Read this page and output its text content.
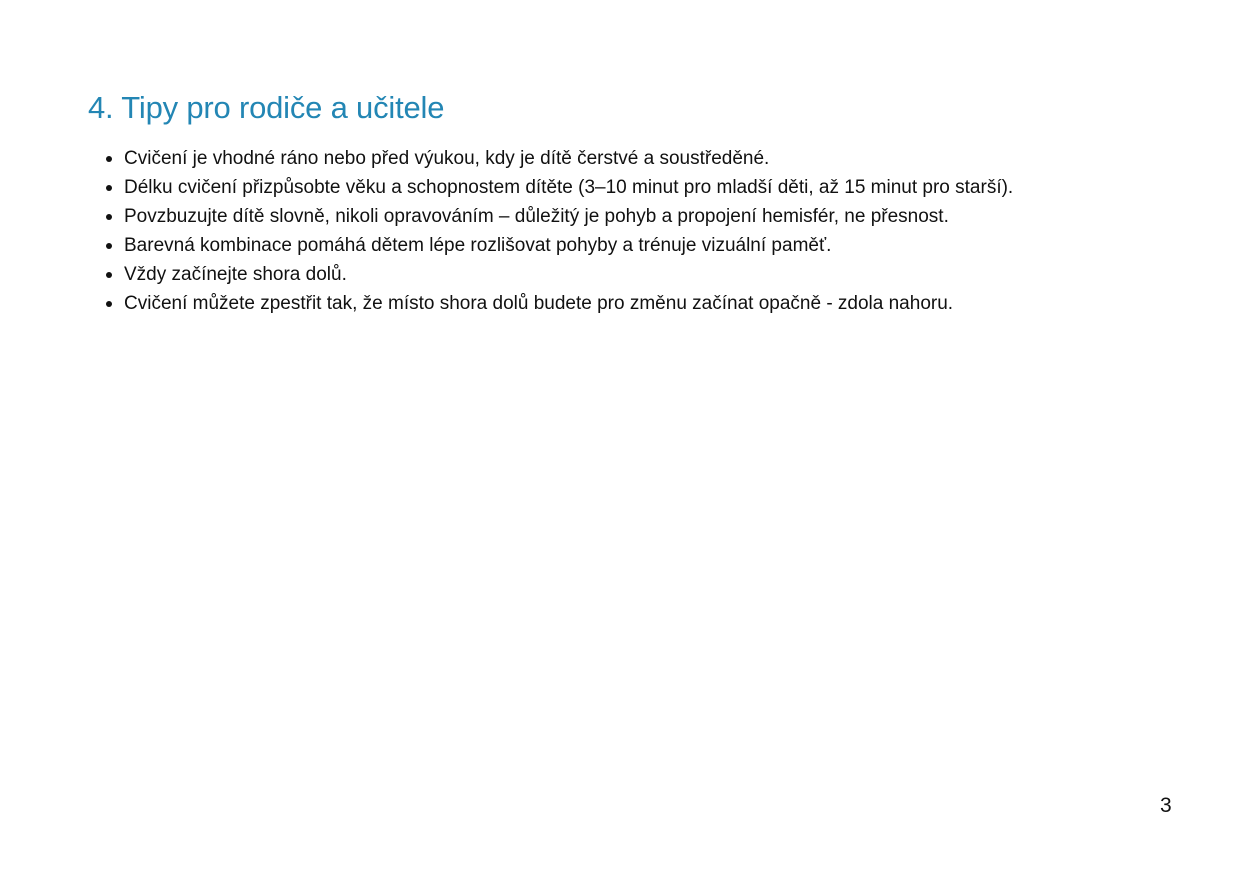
4. Tipy pro rodiče a učitele
Cvičení je vhodné ráno nebo před výukou, kdy je dítě čerstvé a soustředěné.
Délku cvičení přizpůsobte věku a schopnostem dítěte (3–10 minut pro mladší děti, až 15 minut pro starší).
Povzbuzujte dítě slovně, nikoli opravováním – důležitý je pohyb a propojení hemisfér, ne přesnost.
Barevná kombinace pomáhá dětem lépe rozlišovat pohyby a trénuje vizuální paměť.
Vždy začínejte shora dolů.
Cvičení můžete zpestřit tak, že místo shora dolů budete pro změnu začínat opačně - zdola nahoru.
3
